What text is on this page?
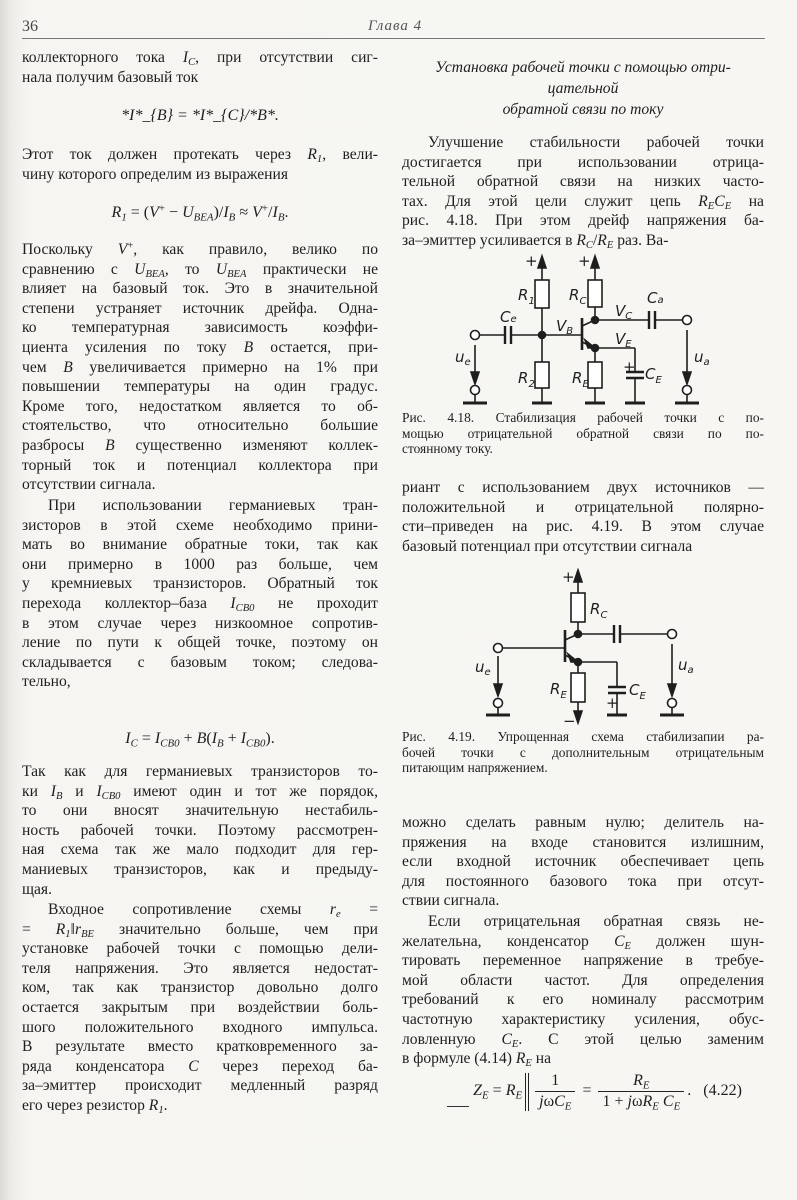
36	Глава 4
*I*_{B} = *I*_{C}/*B*.
коллекторного тока $I_C$, при отсутствии сиг-
нала получим базовый ток
Этот ток должен протекать через $R_1$, вели-
чину которого определим из выражения
$R_1 = (V^+ - U_{BEA})/I_B \approx V^+/I_B$.
Поскольку V+, как правило, велико по
сравнению с $U_{BEA}$, то $U_{BEA}$ практически не
влияет на базовый ток. Это в значительной
степени устраняет источник дрейфа. Одна-
ко температурная зависимость коэффи-
циента усиления по току B остается, при-
чем B увеличивается примерно на 1% при
повышении температуры на один градус.
Кроме того, недостатком является то об-
стоятельство, что относительно большие
разбросы B существенно изменяют коллек-
торный ток и потенциал коллектора при
отсутствии сигнала.
При использовании германиевых тран-
зисторов в этой схеме необходимо прини-
мать во внимание обратные токи, так как
они примерно в 1000 раз больше, чем
у кремниевых транзисторов. Обратный ток
перехода коллектор–база $I_{CB0}$ не проходит
в этом случае через низкоомное сопротив-
ление по пути к общей точке, поэтому он
складывается с базовым током; следова-
тельно,
$I_C = I_{CB0} + B(I_B + I_{CB0})$.
Так как для германиевых транзисторов то-
ки $I_B$ и $I_{CB0}$ имеют один и тот же порядок,
то они вносят значительную нестабиль-
ность рабочей точки. Поэтому рассмотрен-
ная схема так же мало подходит для гер-
маниевых транзисторов, как и предыду-
щая.
Входное сопротивление схемы $r_e$ =
= $R_1‖r_{BE}$ значительно больше, чем при
установке рабочей точки с помощью дели-
теля напряжения. Это является недостат-
ком, так как транзистор довольно долго
остается закрытым при воздействии боль-
шого положительного входного импульса.
В результате вместо кратковременного за-
ряда конденсатора C через переход ба-
за–эмиттер происходит медленный разряд
его через резистор $R_1$.
Установка рабочей точки с помощью отри-
цательной
обратной связи по току
Улучшение стабильности рабочей точки
достигается при использовании отрица-
тельной обратной связи на низких часто-
тах. Для этой цели служит цепь $R_EC_E$ на
рис. 4.18. При этом дрейф напряжения ба-
за–эмиттер усиливается в $R_C/R_E$ раз. Ва-
Рис. 4.18. Стабилизация рабочей точки с по-
мощью отрицательной обратной связи по по-
стоянному току.
риант с использованием двух источников —
положительной и отрицательной полярно-
сти–приведен на рис. 4.19. В этом случае
базовый потенциал при отсутствии сигнала
Рис. 4.19. Упрощенная схема стабилизапии ра-
бочей точки с дополнительным отрицательным
питающим напряжением.
можно сделать равным нулю; делитель на-
пряжения на входе становится излишним,
если входной источник обеспечивает цепь
для постоянного базового тока при отсут-
ствии сигнала.
Если отрицательная обратная связь не-
желательна, конденсатор $C_E$ должен шун-
тировать переменное напряжение в требуе-
мой области частот. Для определения
требований к его номиналу рассмотрим
частотную характеристику усиления, обус-
ловленную $C_E$. С этой целью заменим
в формуле (4.14) $R_E$ на
$Z_E = R_E \frac{1}{j\omega C_E} = \frac{R_E}{1 + j\omega R_E C_E}$ . (4.22)
+	+
$R_1$
$R_2$
$R_C$
$R_E$
Ce
Ca
$C_E$
+
$V_B$
$V_C$
$V_E$
$u_e$	$u_a$
+
−
$R_C$
$R_E$	$C_E$
+
$u_e$	$u_a$
